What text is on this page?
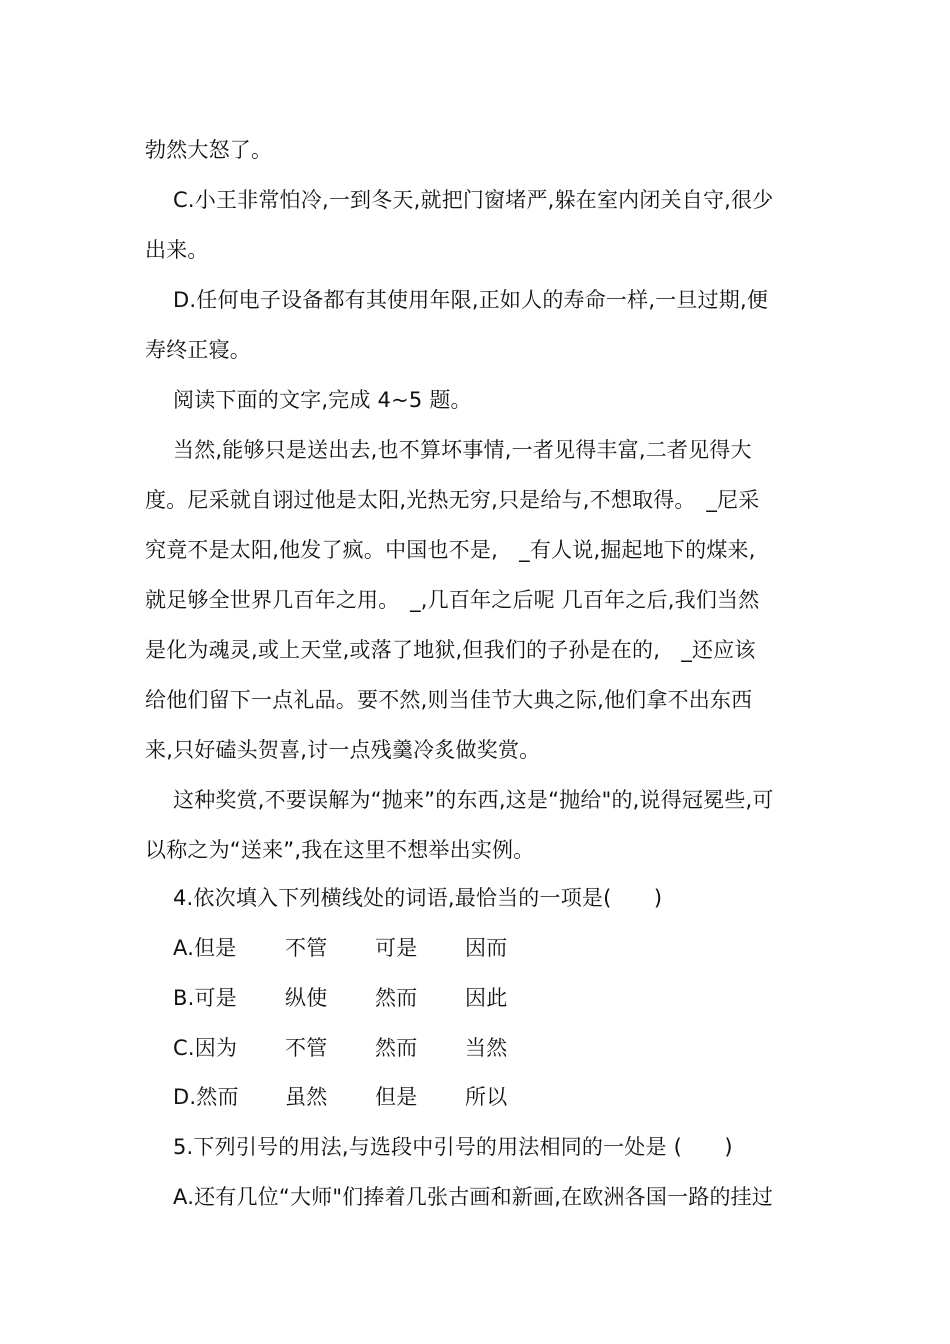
勃然大怒了。
C.小王非常怕冷,一到冬天,就把门窗堵严,躲在室内闭关自守,很少
出来。
D.任何电子设备都有其使用年限,正如人的寿命一样,一旦过期,便
寿终正寝。
阅读下面的文字,完成 4~5 题。
当然,能够只是送出去,也不算坏事情,一者见得丰富,二者见得大
度。尼采就自诩过他是太阳,光热无穷,只是给与,不想取得。　_尼采
究竟不是太阳,他发了疯。中国也不是,　_有人说,掘起地下的煤来,
就足够全世界几百年之用。　_,几百年之后呢 几百年之后,我们当然
是化为魂灵,或上天堂,或落了地狱,但我们的子孙是在的,　_还应该
给他们留下一点礼品。要不然,则当佳节大典之际,他们拿不出东西
来,只好磕头贺喜,讨一点残羹冷炙做奖赏。
这种奖赏,不要误解为“抛来”的东西,这是“抛给"的,说得冠冕些,可
以称之为“送来”,我在这里不想举出实例。
4.依次填入下列横线处的词语,最恰当的一项是(　　)
A.但是 不管 可是 因而
B.可是 纵使 然而 因此
C.因为 不管 然而 当然
D.然而 虽然 但是 所以
5.下列引号的用法,与选段中引号的用法相同的一处是 (　　)
A.还有几位“大师"们捧着几张古画和新画,在欧洲各国一路的挂过
